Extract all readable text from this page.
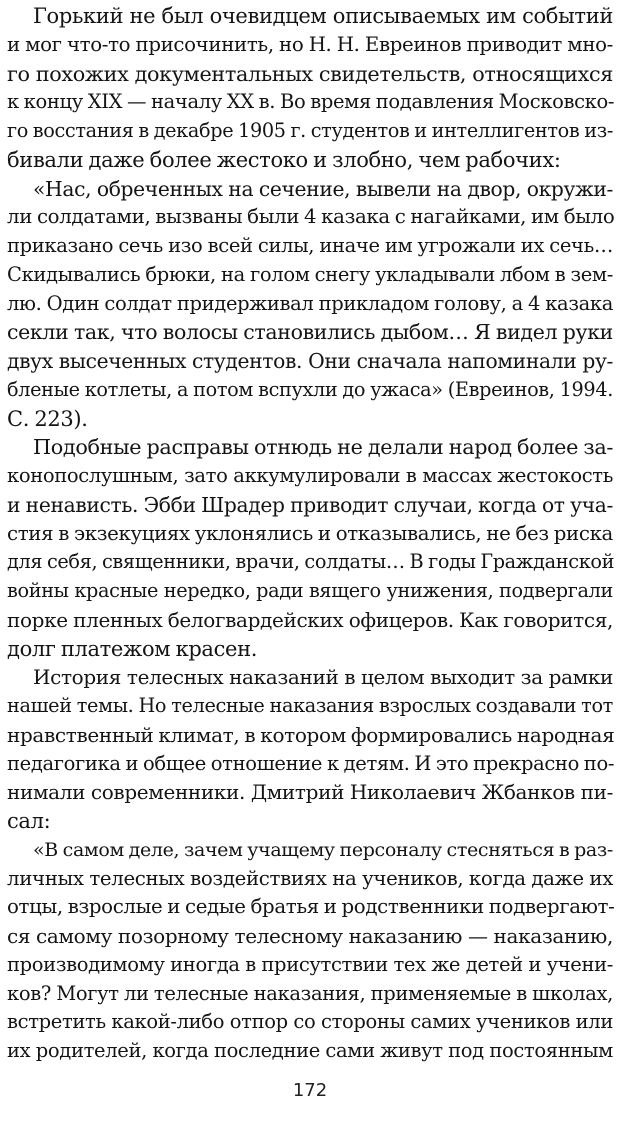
Горький не был очевидцем описываемых им событий
и мог что-то присочинить, но Н. Н. Евреинов приводит мно-
го похожих документальных свидетельств, относящихся
к концу XIX — началу XX в. Во время подавления Московско-
го восстания в декабре 1905 г. студентов и интеллигентов из-
бивали даже более жестоко и злобно, чем рабочих:
«Нас, обреченных на сечение, вывели на двор, окружи-
ли солдатами, вызваны были 4 казака с нагайками, им было
приказано сечь изо всей силы, иначе им угрожали их сечь…
Скидывались брюки, на голом снегу укладывали лбом в зем-
лю. Один солдат придерживал прикладом голову, а 4 казака
секли так, что волосы становились дыбом… Я видел руки
двух высеченных студентов. Они сначала напоминали ру-
бленые котлеты, а потом вспухли до ужаса» (Евреинов, 1994.
С. 223).
Подобные расправы отнюдь не делали народ более за-
конопослушным, зато аккумулировали в массах жестокость
и ненависть. Эбби Шрадер приводит случаи, когда от уча-
стия в экзекуциях уклонялись и отказывались, не без риска
для себя, священники, врачи, солдаты… В годы Гражданской
войны красные нередко, ради вящего унижения, подвергали
порке пленных белогвардейских офицеров. Как говорится,
долг платежом красен.
История телесных наказаний в целом выходит за рамки
нашей темы. Но телесные наказания взрослых создавали тот
нравственный климат, в котором формировались народная
педагогика и общее отношение к детям. И это прекрасно по-
нимали современники. Дмитрий Николаевич Жбанков пи-
сал:
«В самом деле, зачем учащему персоналу стесняться в раз-
личных телесных воздействиях на учеников, когда даже их
отцы, взрослые и седые братья и родственники подвергают-
ся самому позорному телесному наказанию — наказанию,
производимому иногда в присутствии тех же детей и учени-
ков? Могут ли телесные наказания, применяемые в школах,
встретить какой-либо отпор со стороны самих учеников или
их родителей, когда последние сами живут под постоянным
172
